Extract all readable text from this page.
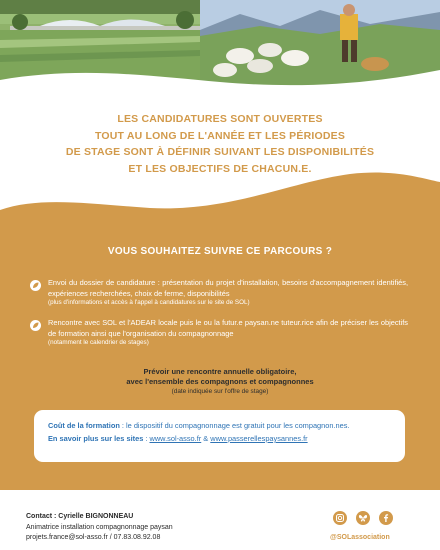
LES CANDIDATURES SONT OUVERTES
TOUT AU LONG DE L'ANNÉE ET LES PÉRIODES
DE STAGE SONT À DÉFINIR SUIVANT LES DISPONIBILITÉS
ET LES OBJECTIFS DE CHACUN.E.
VOUS SOUHAITEZ SUIVRE CE PARCOURS ?
Envoi du dossier de candidature : présentation du projet d'installation, besoins d'accompagnement identifiés, expériences recherchées, choix de ferme, disponibilités
(plus d'informations et accès à l'appel à candidatures sur le site de SOL)
Rencontre avec SOL et l'ADEAR locale puis le ou la futur.e paysan.ne tuteur.rice afin de préciser les objectifs de formation ainsi que l'organisation du compagnonnage
(notamment le calendrier de stages)
Prévoir une rencontre annuelle obligatoire,
avec l'ensemble des compagnons et compagnonnes
(date indiquée sur l'offre de stage)
Coût de la formation : le dispositif du compagnonnage est gratuit pour les compagnon.nes.
En savoir plus sur les sites : www.sol-asso.fr & www.passerellespaysannes.fr
Contact : Cyrielle BIGNONNEAU
Animatrice installation compagnonnage paysan
projets.france@sol-asso.fr / 07.83.08.92.08	@SOLassociation
